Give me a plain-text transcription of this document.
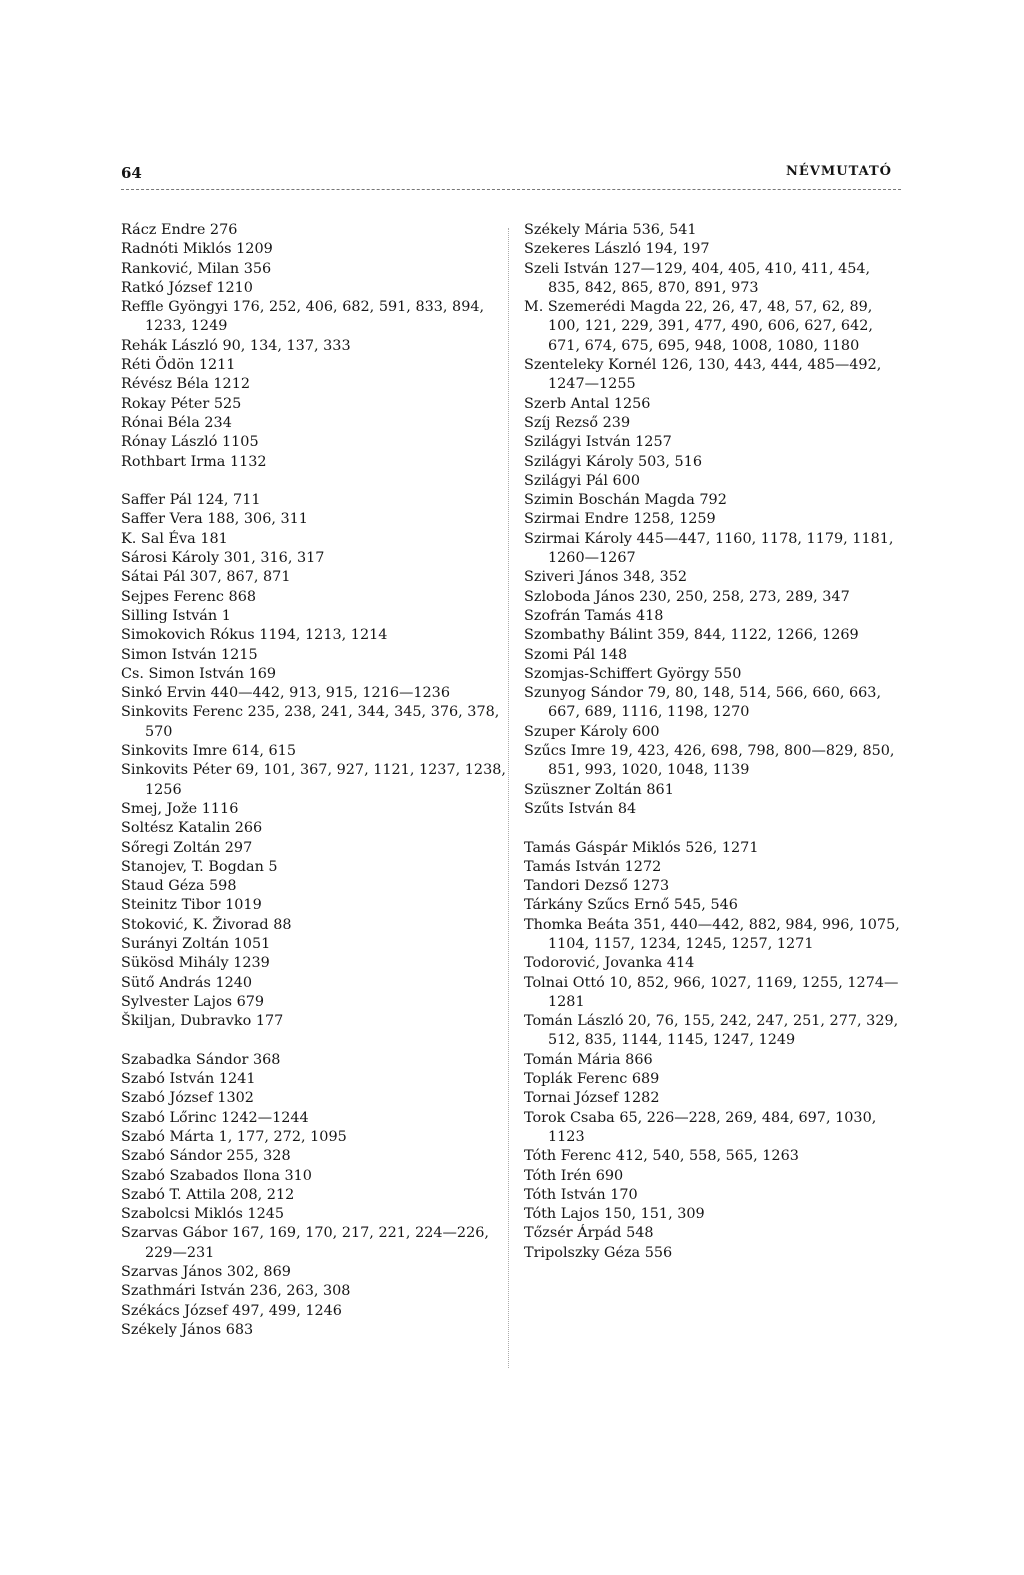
64	NÉVMUTATÓ
Rácz Endre 276
Radnóti Miklós 1209
Ranković, Milan 356
Ratkó József 1210
Reffle Gyöngyi 176, 252, 406, 682, 591, 833, 894, 1233, 1249
Rehák László 90, 134, 137, 333
Réti Ödön 1211
Révész Béla 1212
Rokay Péter 525
Rónai Béla 234
Rónay László 1105
Rothbart Irma 1132
Saffer Pál 124, 711
Saffer Vera 188, 306, 311
K. Sal Éva 181
Sárosi Károly 301, 316, 317
Sátai Pál 307, 867, 871
Sejpes Ferenc 868
Silling István 1
Simokovich Rókus 1194, 1213, 1214
Simon István 1215
Cs. Simon István 169
Sinkó Ervin 440—442, 913, 915, 1216—1236
Sinkovits Ferenc 235, 238, 241, 344, 345, 376, 378, 570
Sinkovits Imre 614, 615
Sinkovits Péter 69, 101, 367, 927, 1121, 1237, 1238, 1256
Smej, Jože 1116
Soltész Katalin 266
Sőregi Zoltán 297
Stanojev, T. Bogdan 5
Staud Géza 598
Steinitz Tibor 1019
Stoković, K. Živorad 88
Surányi Zoltán 1051
Sükösd Mihály 1239
Sütő András 1240
Sylvester Lajos 679
Škiljan, Dubravko 177
Szabadka Sándor 368
Szabó István 1241
Szabó József 1302
Szabó Lőrinc 1242—1244
Szabó Márta 1, 177, 272, 1095
Szabó Sándor 255, 328
Szabó Szabados Ilona 310
Szabó T. Attila 208, 212
Szabolcsi Miklós 1245
Szarvas Gábor 167, 169, 170, 217, 221, 224—226, 229—231
Szarvas János 302, 869
Szathmári István 236, 263, 308
Székács József 497, 499, 1246
Székely János 683
Székely Mária 536, 541
Szekeres László 194, 197
Szeli István 127—129, 404, 405, 410, 411, 454, 835, 842, 865, 870, 891, 973
M. Szemerédi Magda 22, 26, 47, 48, 57, 62, 89, 100, 121, 229, 391, 477, 490, 606, 627, 642, 671, 674, 675, 695, 948, 1008, 1080, 1180
Szenteleky Kornél 126, 130, 443, 444, 485—492, 1247—1255
Szerb Antal 1256
Szíj Rezső 239
Szilágyi István 1257
Szilágyi Károly 503, 516
Szilágyi Pál 600
Szimin Boschán Magda 792
Szirmai Endre 1258, 1259
Szirmai Károly 445—447, 1160, 1178, 1179, 1181, 1260—1267
Sziveri János 348, 352
Szloboda János 230, 250, 258, 273, 289, 347
Szofrán Tamás 418
Szombathy Bálint 359, 844, 1122, 1266, 1269
Szomi Pál 148
Szomjas-Schiffert György 550
Szunyog Sándor 79, 80, 148, 514, 566, 660, 663, 667, 689, 1116, 1198, 1270
Szuper Károly 600
Szűcs Imre 19, 423, 426, 698, 798, 800—829, 850, 851, 993, 1020, 1048, 1139
Szüszner Zoltán 861
Szűts István 84
Tamás Gáspár Miklós 526, 1271
Tamás István 1272
Tandori Dezső 1273
Tárkány Szűcs Ernő 545, 546
Thomka Beáta 351, 440—442, 882, 984, 996, 1075, 1104, 1157, 1234, 1245, 1257, 1271
Todorović, Jovanka 414
Tolnai Ottó 10, 852, 966, 1027, 1169, 1255, 1274—1281
Tomán László 20, 76, 155, 242, 247, 251, 277, 329, 512, 835, 1144, 1145, 1247, 1249
Tomán Mária 866
Toplák Ferenc 689
Tornai József 1282
Torok Csaba 65, 226—228, 269, 484, 697, 1030, 1123
Tóth Ferenc 412, 540, 558, 565, 1263
Tóth Irén 690
Tóth István 170
Tóth Lajos 150, 151, 309
Tőzsér Árpád 548
Tripolszky Géza 556
